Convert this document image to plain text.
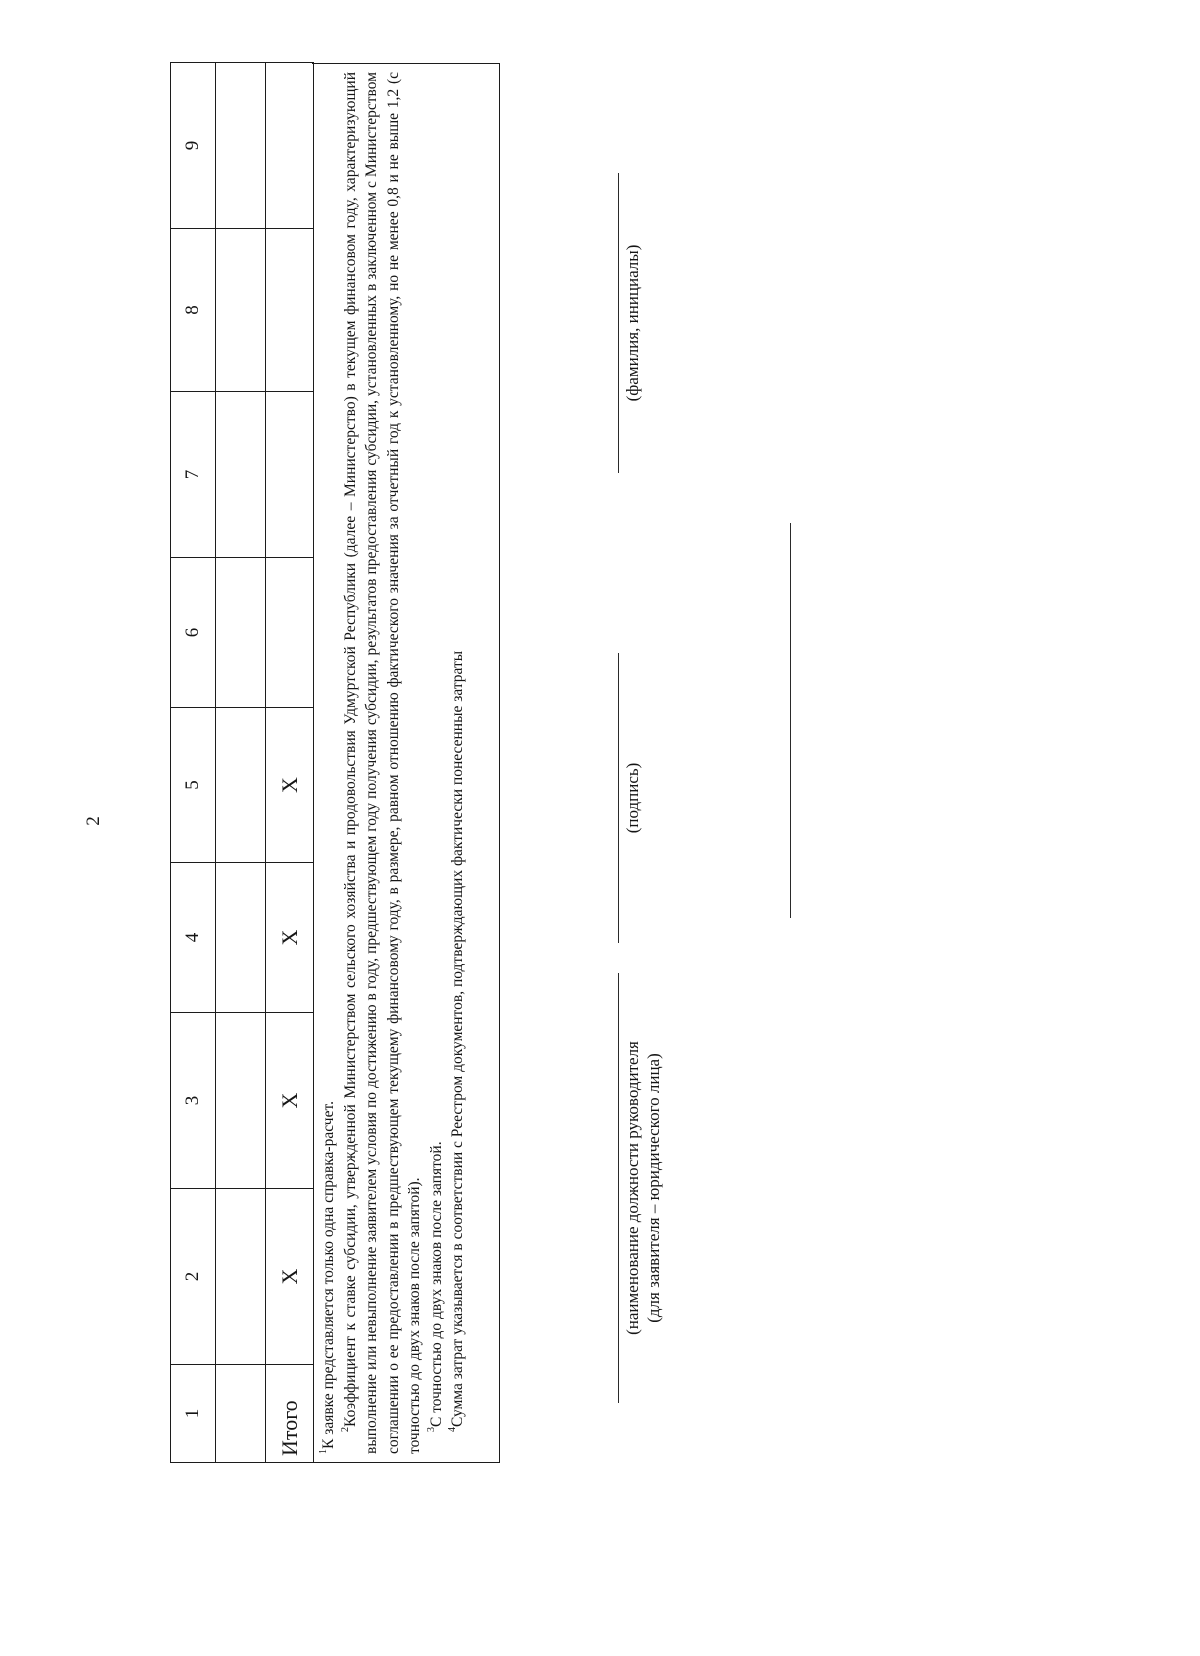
2
1	2	3	4	5	6	7	8	9

Итого	X	X	X	X				

$^1$К заявке представляется только одна справка-расчет. $^2$Коэффициент к ставке субсидии, утвержденной Министерством сельского хозяйства и продовольствия Удмуртской Республики (далее – Министерство) в текущем финансовом году, характеризующий выполнение или невыполнение заявителем условия по достижению в году, предшествующем году получения субсидии, результатов предоставления субсидии, установленных в заключенном с Министерством соглашении о ее предоставлении в предшествующем текущему финансовому году, в размере, равном отношению фактического значения за отчетный год к установленному, но не менее 0,8 и не выше 1,2 (с точностью до двух знаков после запятой). $^3$С точностью до двух знаков после запятой.

$^4$Сумма затрат указывается в соответствии с Реестром документов, подтверждающих фактически понесенные затраты	(наименование должности руководителя (для заявителя – юридического лица)
(подпись)
(фамилия, инициалы)
